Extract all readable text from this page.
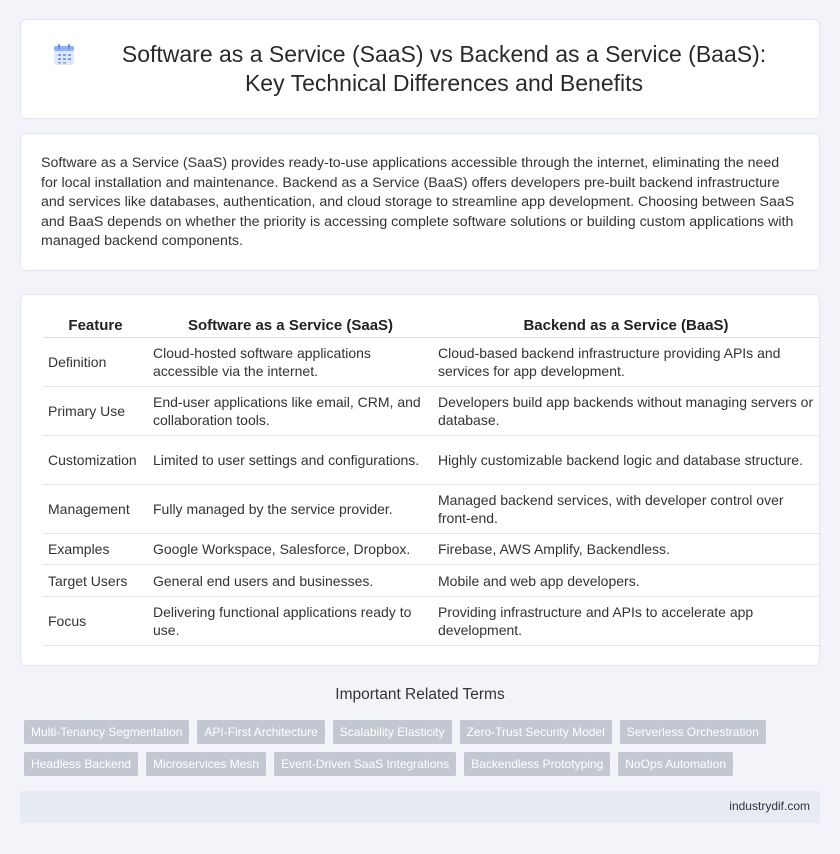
Software as a Service (SaaS) vs Backend as a Service (BaaS): Key Technical Differences and Benefits

Software as a Service (SaaS) provides ready-to-use applications accessible through the internet, eliminating the need for local installation and maintenance. Backend as a Service (BaaS) offers developers pre-built backend infrastructure and services like databases, authentication, and cloud storage to streamline app development. Choosing between SaaS and BaaS depends on whether the priority is accessing complete software solutions or building custom applications with managed backend components.

Feature	Software as a Service (SaaS)	Backend as a Service (BaaS)
Definition	Cloud-hosted software applications accessible via the internet.	Cloud-based backend infrastructure providing APIs and services for app development.
Primary Use	End-user applications like email, CRM, and collaboration tools.	Developers build app backends without managing servers or database.
Customization	Limited to user settings and configurations.	Highly customizable backend logic and database structure.
Management	Fully managed by the service provider.	Managed backend services, with developer control over front-end.
Examples	Google Workspace, Salesforce, Dropbox.	Firebase, AWS Amplify, Backendless.
Target Users	General end users and businesses.	Mobile and web app developers.
Focus	Delivering functional applications ready to use.	Providing infrastructure and APIs to accelerate app development.
Important Related Terms
Multi-Tenancy Segmentation	API-First Architecture	Scalability Elasticity	Zero-Trust Security Model	Serverless Orchestration
Headless Backend	Microservices Mesh	Event-Driven SaaS Integrations	Backendless Prototyping	NoOps Automation
industrydif.com
